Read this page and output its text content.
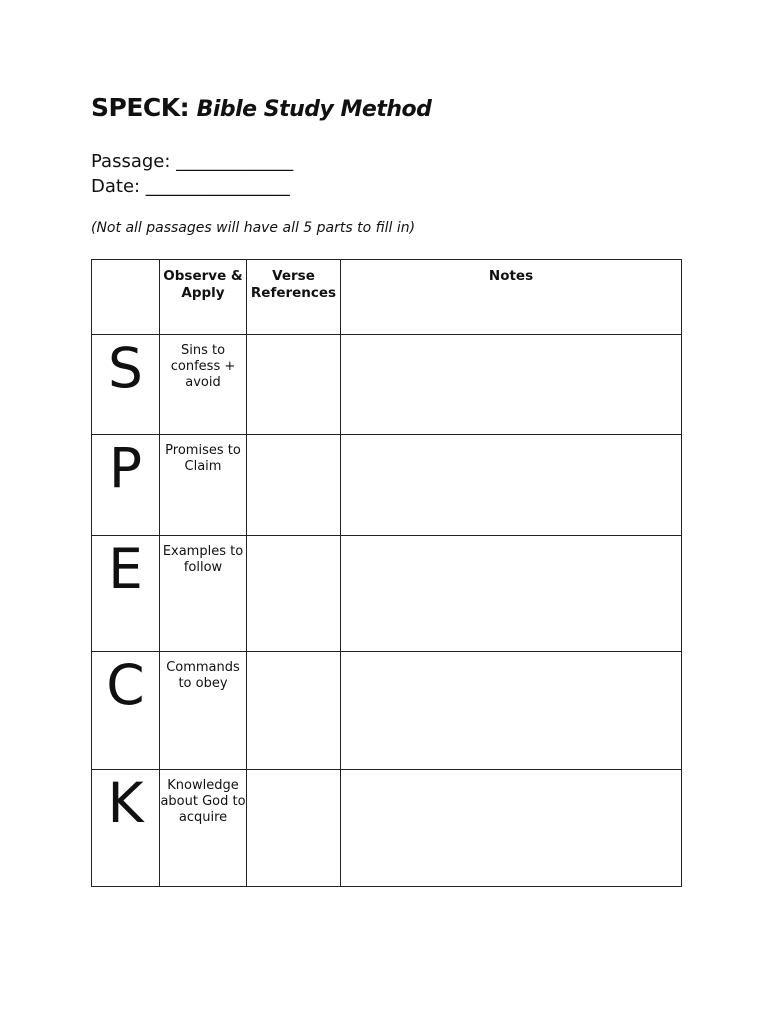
SPECK: Bible Study Method
Passage: _____________
Date: ________________
(Not all passages will have all 5 parts to fill in)
	Observe & Apply	Verse References	Notes
S	Sins to confess + avoid		
P	Promises to Claim		
E	Examples to follow		
C	Commands to obey		
K	Knowledge about God to acquire		
